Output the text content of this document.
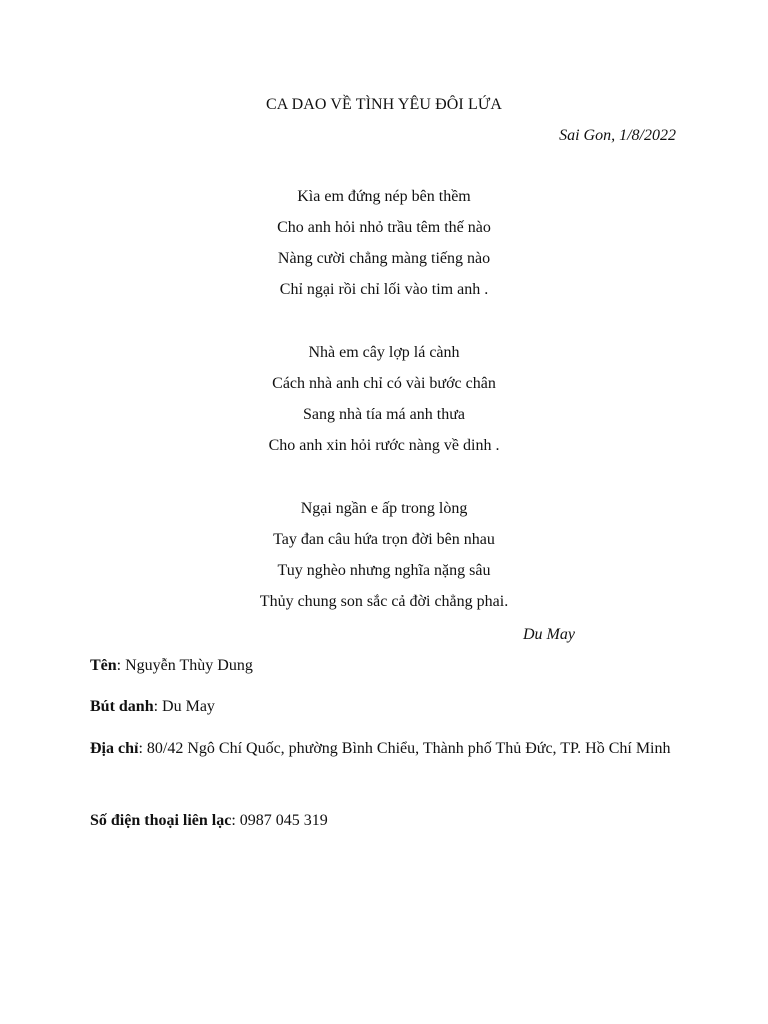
CA DAO VỀ TÌNH YÊU ĐÔI LỨA
Sai Gon, 1/8/2022
Kìa em đứng nép bên thềm
Cho anh hỏi nhỏ trầu têm thế nào
Nàng cười chẳng màng tiếng nào
Chỉ ngại rồi chỉ lối vào tim anh .
Nhà em cây lợp lá cành
Cách nhà anh chỉ có vài bước chân
Sang nhà tía má anh thưa
Cho anh xin hỏi rước nàng về dinh .
Ngại ngần e ấp trong lòng
Tay đan câu hứa trọn đời bên nhau
Tuy nghèo nhưng nghĩa nặng sâu
Thủy chung son sắc cả đời chẳng phai.
Du May
Tên: Nguyễn Thùy Dung
Bút danh: Du May
Địa chỉ: 80/42 Ngô Chí Quốc, phường Bình Chiểu, Thành phố Thủ Đức, TP. Hồ Chí Minh
Số điện thoại liên lạc: 0987 045 319
